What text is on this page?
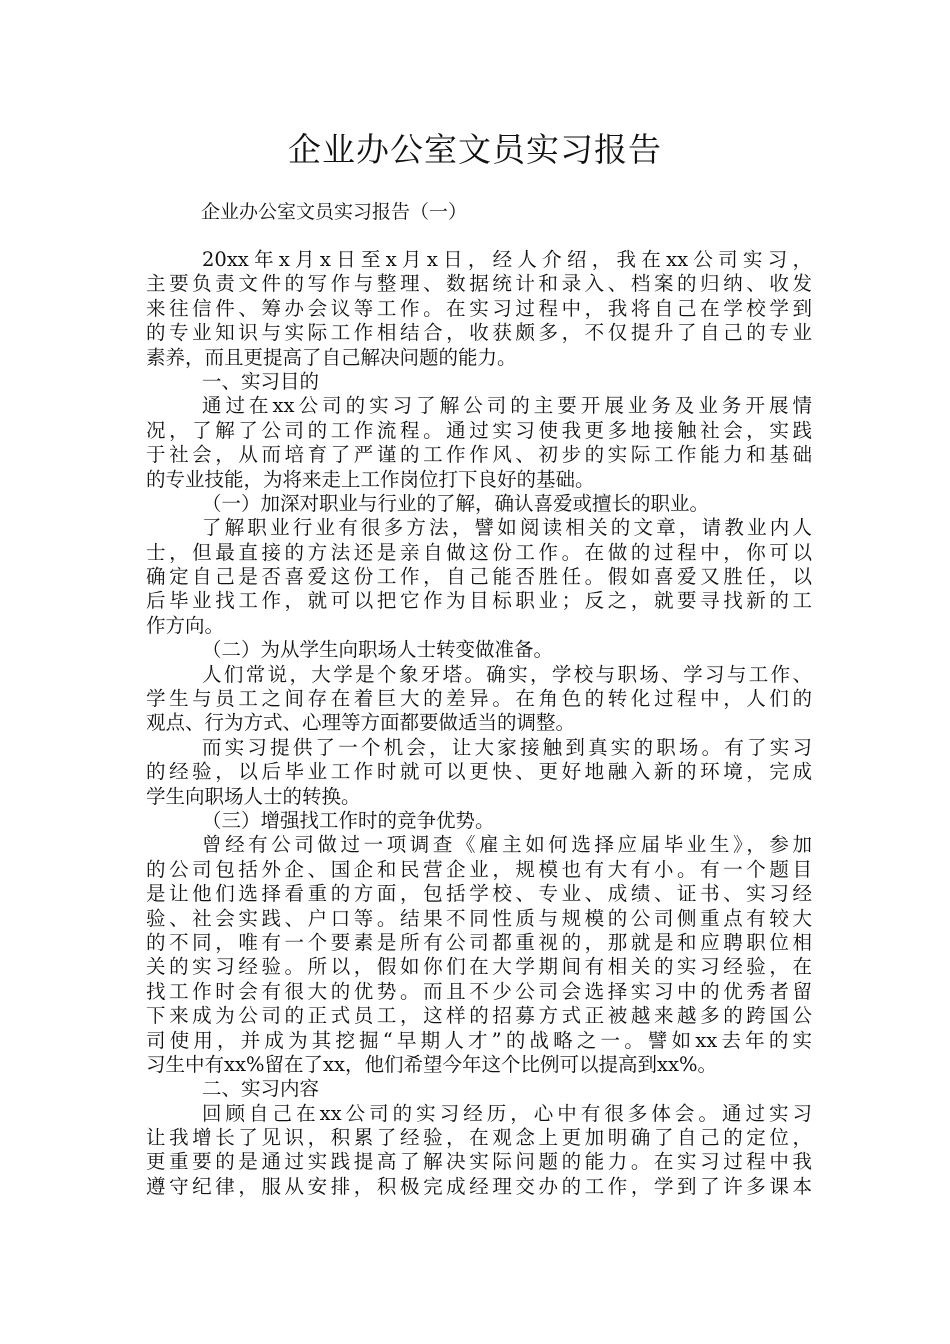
企业办公室文员实习报告
企业办公室文员实习报告（一）
20xx年x月x日至x月x日，经人介绍，我在xx公司实习，
主要负责文件的写作与整理、数据统计和录入、档案的归纳、收发
来往信件、筹办会议等工作。在实习过程中，我将自己在学校学到
的专业知识与实际工作相结合，收获颇多，不仅提升了自己的专业
素养，而且更提高了自己解决问题的能力。
一、实习目的
通过在xx公司的实习了解公司的主要开展业务及业务开展情
况，了解了公司的工作流程。通过实习使我更多地接触社会，实践
于社会，从而培育了严谨的工作作风、初步的实际工作能力和基础
的专业技能，为将来走上工作岗位打下良好的基础。
（一）加深对职业与行业的了解，确认喜爱或擅长的职业。
了解职业行业有很多方法，譬如阅读相关的文章，请教业内人
士，但最直接的方法还是亲自做这份工作。在做的过程中，你可以
确定自己是否喜爱这份工作，自己能否胜任。假如喜爱又胜任，以
后毕业找工作，就可以把它作为目标职业；反之，就要寻找新的工
作方向。
（二）为从学生向职场人士转变做准备。
人们常说，大学是个象牙塔。确实，学校与职场、学习与工作、
学生与员工之间存在着巨大的差异。在角色的转化过程中，人们的
观点、行为方式、心理等方面都要做适当的调整。
而实习提供了一个机会，让大家接触到真实的职场。有了实习
的经验，以后毕业工作时就可以更快、更好地融入新的环境，完成
学生向职场人士的转换。
（三）增强找工作时的竞争优势。
曾经有公司做过一项调查《雇主如何选择应届毕业生》，参加
的公司包括外企、国企和民营企业，规模也有大有小。有一个题目
是让他们选择看重的方面，包括学校、专业、成绩、证书、实习经
验、社会实践、户口等。结果不同性质与规模的公司侧重点有较大
的不同，唯有一个要素是所有公司都重视的，那就是和应聘职位相
关的实习经验。所以，假如你们在大学期间有相关的实习经验，在
找工作时会有很大的优势。而且不少公司会选择实习中的优秀者留
下来成为公司的正式员工，这样的招募方式正被越来越多的跨国公
司使用，并成为其挖掘“早期人才”的战略之一。譬如xx去年的实
习生中有xx%留在了xx，他们希望今年这个比例可以提高到xx%。
二、实习内容
回顾自己在xx公司的实习经历，心中有很多体会。通过实习
让我增长了见识，积累了经验，在观念上更加明确了自己的定位，
更重要的是通过实践提高了解决实际问题的能力。在实习过程中我
遵守纪律，服从安排，积极完成经理交办的工作，学到了许多课本
